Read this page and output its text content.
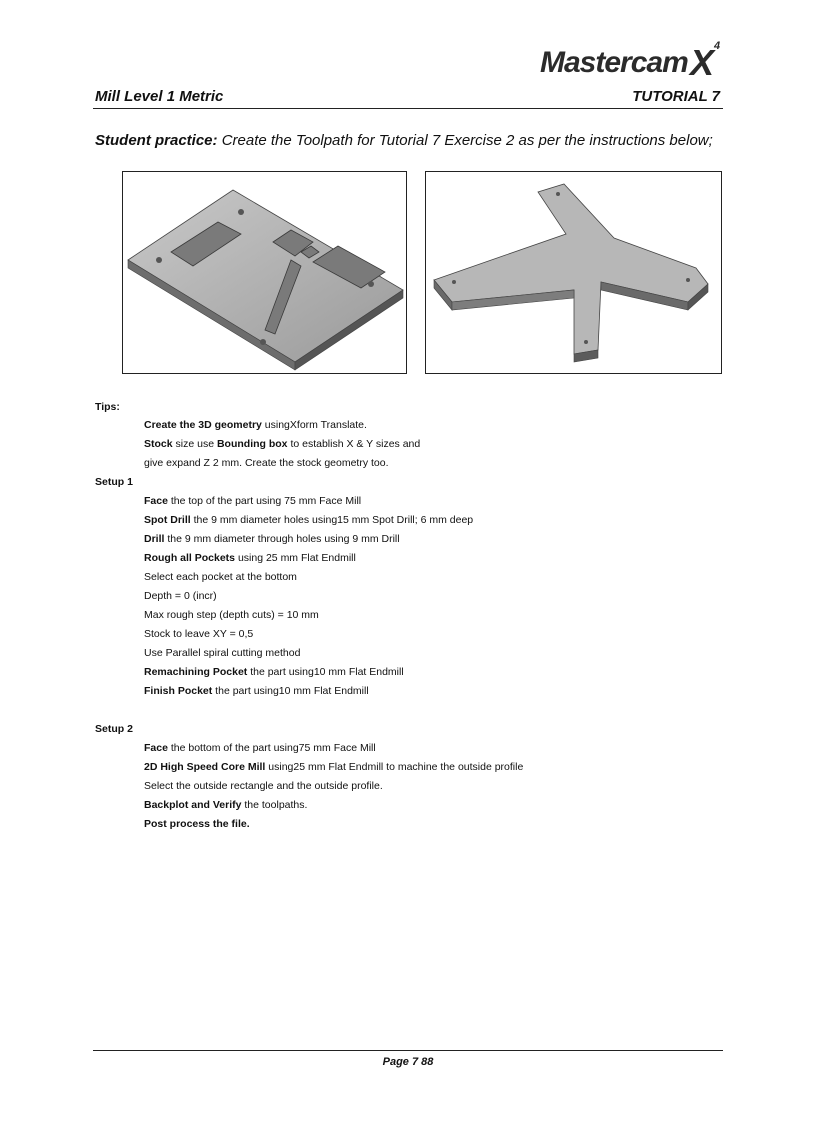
Mastercam X 4
Mill Level 1 Metric	TUTORIAL 7
Student practice: Create the Toolpath for Tutorial 7 Exercise 2 as per the instructions below;
Tips:
Create the 3D geometry usingXform Translate.
Stock size use Bounding box to establish X & Y sizes and
give expand Z 2 mm. Create the stock geometry too.
Setup 1
Face the top of the part using 75 mm Face Mill
Spot Drill the 9 mm diameter holes using15 mm Spot Drill; 6 mm deep
Drill the 9 mm diameter through holes using 9 mm Drill
Rough all Pockets using 25 mm Flat Endmill
Select each pocket at the bottom
Depth = 0 (incr)
Max rough step (depth cuts) = 10 mm
Stock to leave XY = 0,5
Use Parallel spiral cutting method
Remachining Pocket the part using10 mm Flat Endmill
Finish Pocket the part using10 mm Flat Endmill
Setup 2
Face the bottom of the part using75 mm Face Mill
2D High Speed Core Mill using25 mm Flat Endmill to machine the outside profile
Select the outside rectangle and the outside profile.
Backplot and Verify the toolpaths.
Post process the file.
Page 7 88
